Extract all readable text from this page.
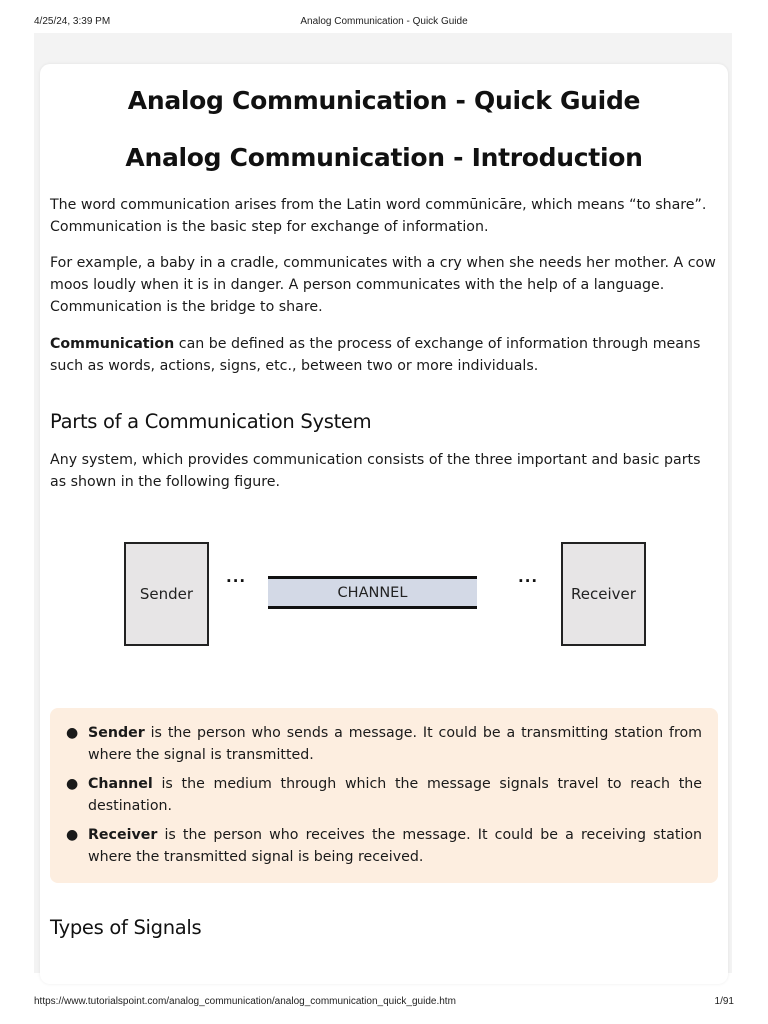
4/25/24, 3:39 PM	Analog Communication - Quick Guide
Analog Communication - Quick Guide
Analog Communication - Introduction

The word communication arises from the Latin word commūnicāre, which means “to share”. Communication is the basic step for exchange of information.

For example, a baby in a cradle, communicates with a cry when she needs her mother. A cow moos loudly when it is in danger. A person communicates with the help of a language. Communication is the bridge to share.

Communication can be defined as the process of exchange of information through means such as words, actions, signs, etc., between two or more individuals.

Parts of a Communication System

Any system, which provides communication consists of the three important and basic parts as shown in the following figure.

Sender
···
CHANNEL
···
Receiver
● Sender is the person who sends a message. It could be a transmitting station from where the signal is transmitted.
● Channel is the medium through which the message signals travel to reach the destination.
● Receiver is the person who receives the message. It could be a receiving station where the transmitted signal is being received.
Types of Signals
https://www.tutorialspoint.com/analog_communication/analog_communication_quick_guide.htm	1/91
